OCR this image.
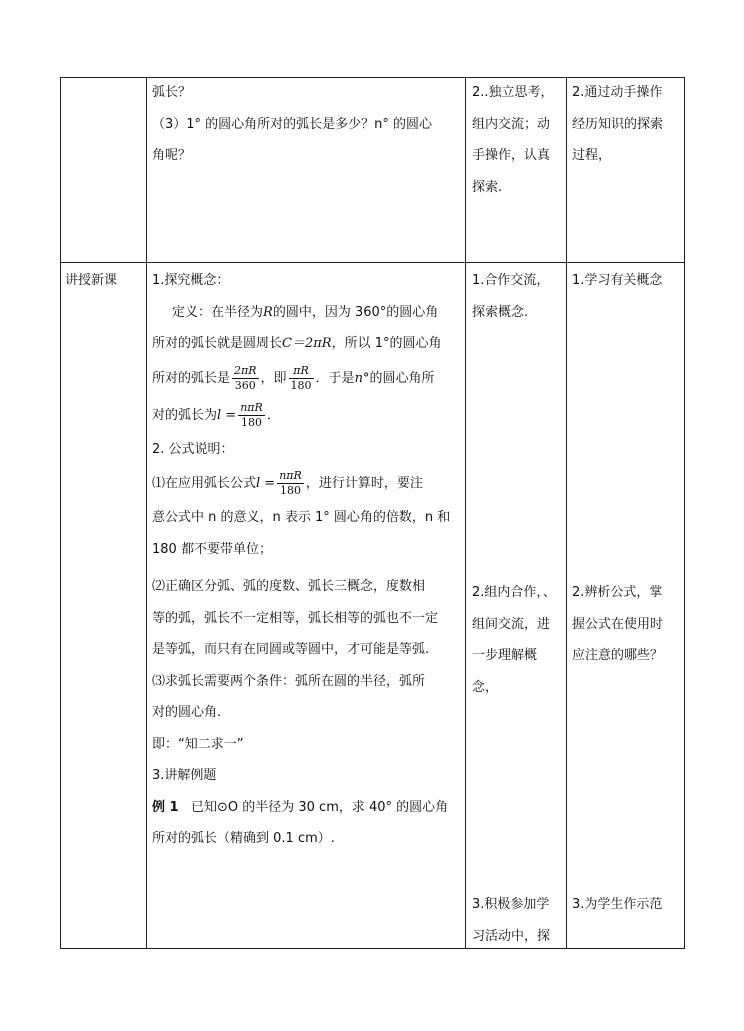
弧长？
（3）1° 的圆心角所对的弧长是多少？n° 的圆心
角呢？
2..独立思考，
组内交流；动
手操作，认真
探索.
2.通过动手操作
经历知识的探索
过程，
讲授新课	1.探究概念：
定义：在半径为R的圆中，因为 360°的圆心角
所对的弧长就是圆周长C＝2πR，所以 1°的圆心角
所对的弧长是 $\frac{2\pi R}{360}$ ，即 $\frac{\pi R}{180}$ ．于是n°的圆心角所
对的弧长为$l = \frac{\text{nπR}}{180}$ ．
2. 公式说明：
⑴在应用弧长公式$l = \frac{\text{nπR}}{180}$ ，进行计算时，要注
意公式中 n 的意义，n 表示 1° 圆心角的倍数，n 和
180 都不要带单位；
⑵正确区分弧、弧的度数、弧长三概念，度数相
等的弧，弧长不一定相等，弧长相等的弧也不一定
是等弧，而只有在同圆或等圆中，才可能是等弧.
⑶求弧长需要两个条件：弧所在圆的半径，弧所
对的圆心角.
即：“知二求一”
3.讲解例题
例 1 已知⊙O 的半径为 30 cm，求 40° 的圆心角
所对的弧长（精确到 0.1 cm）.
1.合作交流，
探索概念.
2.组内合作，、
组间交流，进
一步理解概
念，
3.积极参加学
习活动中，探
1.学习有关概念
2.辨析公式，掌
握公式在使用时
应注意的哪些？
3.为学生作示范
